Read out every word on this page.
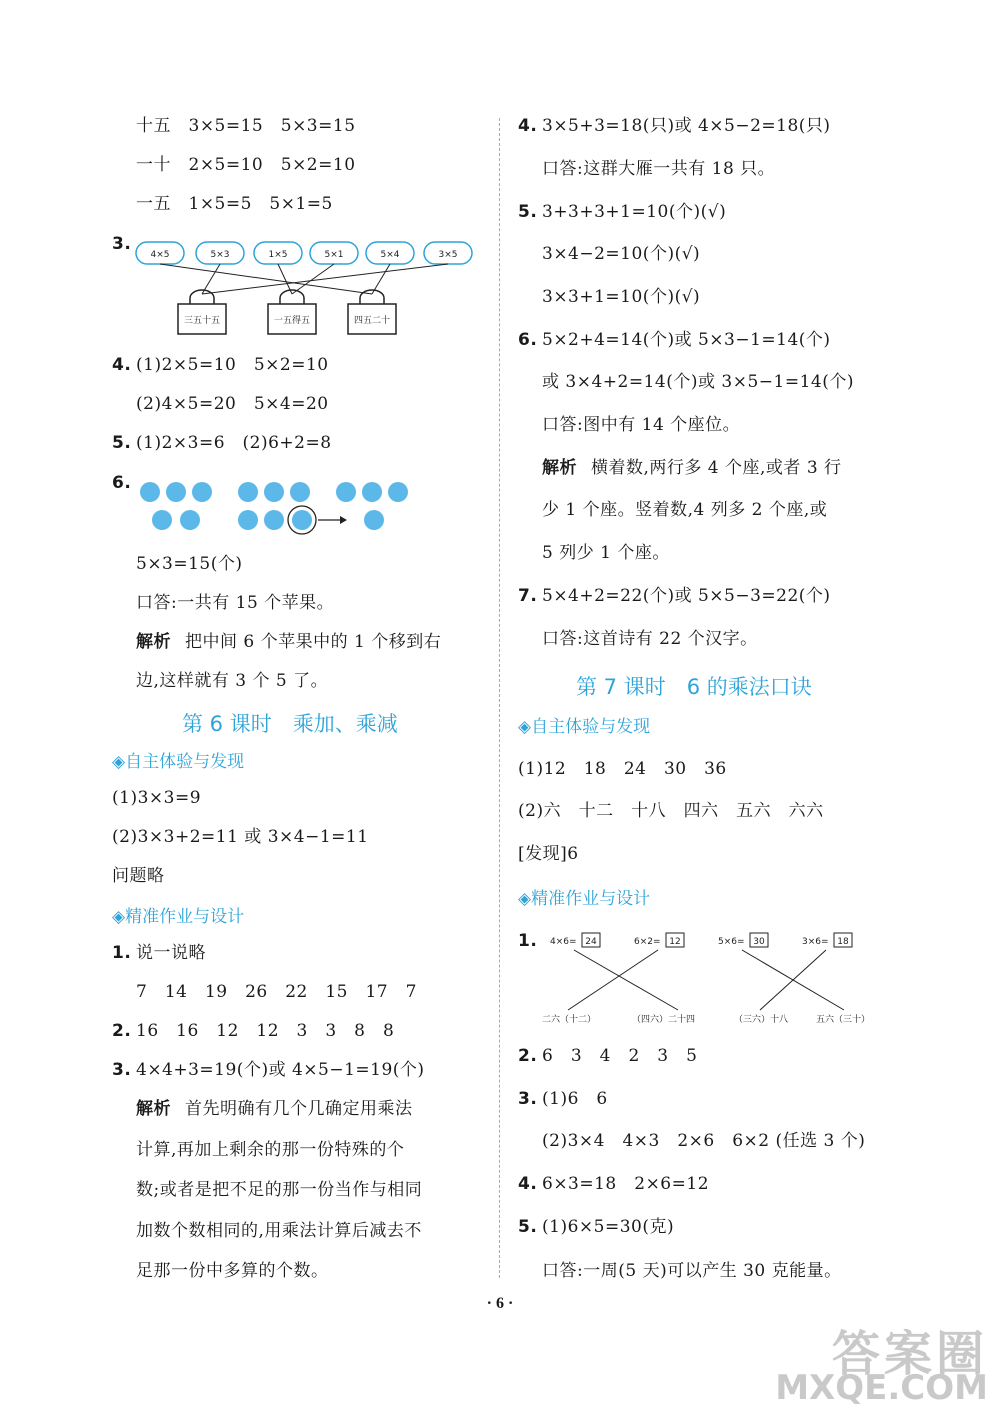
十五　3×5=15　5×3=15
一十　2×5=10　5×2=10
一五　1×5=5　5×1=5
3.
4×5	5×3	1×5	5×1	5×4	3×5
三五十五	一五得五	四五二十
4. (1)2×5=10　5×2=10
(2)4×5=20　5×4=20
5. (1)2×3=6　(2)6+2=8
6.
5×3=15(个)
口答:一共有 15 个苹果。
解析 把中间 6 个苹果中的 1 个移到右
边,这样就有 3 个 5 了。
第 6 课时　乘加、乘减
◈自主体验与发现
(1)3×3=9
(2)3×3+2=11 或 3×4−1=11
问题略
◈精准作业与设计
1. 说一说略
7　14　19　26　22　15　17　7
2. 16　16　12　12　3　3　8　8
3. 4×4+3=19(个)或 4×5−1=19(个)
解析 首先明确有几个几确定用乘法
计算,再加上剩余的那一份特殊的个
数;或者是把不足的那一份当作与相同
加数个数相同的,用乘法计算后减去不
足那一份中多算的个数。
4. 3×5+3=18(只)或 4×5−2=18(只)
口答:这群大雁一共有 18 只。
5. 3+3+3+1=10(个)(√)
3×4−2=10(个)(√)
3×3+1=10(个)(√)
6. 5×2+4=14(个)或 5×3−1=14(个)
或 3×4+2=14(个)或 3×5−1=14(个)
口答:图中有 14 个座位。
解析 横着数,两行多 4 个座,或者 3 行
少 1 个座。竖着数,4 列多 2 个座,或
5 列少 1 个座。
7. 5×4+2=22(个)或 5×5−3=22(个)
口答:这首诗有 22 个汉字。
第 7 课时　6 的乘法口诀
◈自主体验与发现
(1)12　18　24　30　36
(2)六　十二　十八　四六　五六　六六
[发现]6
◈精准作业与设计
1. 4×6= 24	6×2= 12	5×6= 30	3×6= 18
二六（十二）	（四六）二十四	（三六）十八	五六（三十）
2. 6　3　4　2　3　5
3. (1)6　6
(2)3×4　4×3　2×6　6×2 (任选 3 个)
4. 6×3=18　2×6=12
5. (1)6×5=30(克)
口答:一周(5 天)可以产生 30 克能量。
· 6 ·
答案圈
MXQE.COM
